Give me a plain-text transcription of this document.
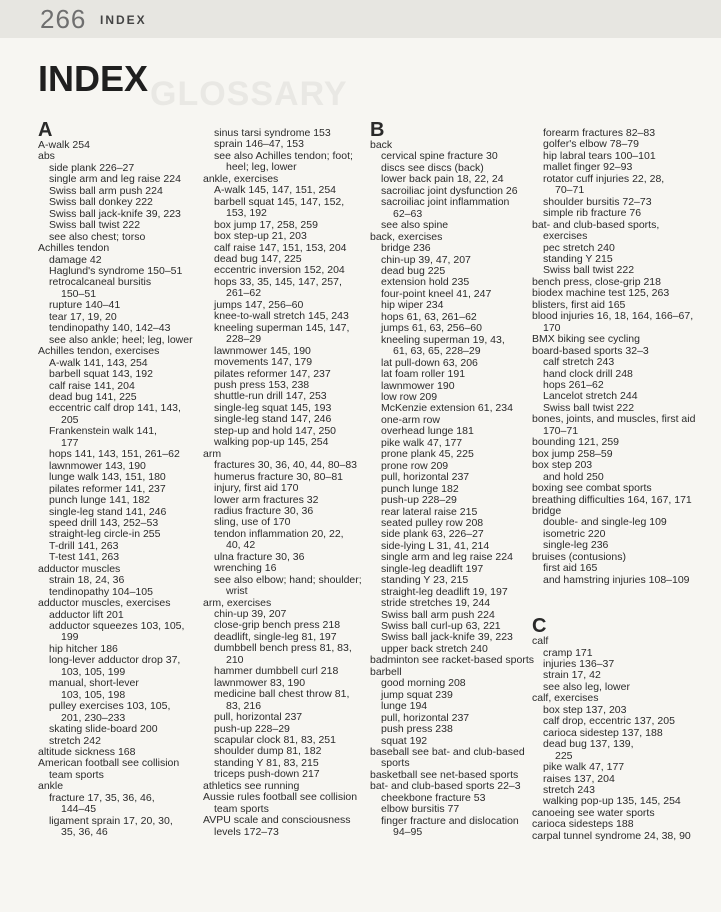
266 INDEX
GLOSSARY
INDEX

A

A-walk 254

abs

side plank 226–27

single arm and leg raise 224

Swiss ball arm push 224

Swiss ball donkey 222

Swiss ball jack-knife 39, 223

Swiss ball twist 222

see also chest; torso

Achilles tendon

damage 42

Haglund's syndrome 150–51

retrocalcaneal bursitis

150–51

rupture 140–41

tear 17, 19, 20

tendinopathy 140, 142–43

see also ankle; heel; leg, lower

Achilles tendon, exercises

A-walk 141, 143, 254

barbell squat 143, 192

calf raise 141, 204

dead bug 141, 225

eccentric calf drop 141, 143,

205

Frankenstein walk 141,

177

hops 141, 143, 151, 261–62

lawnmower 143, 190

lunge walk 143, 151, 180

pilates reformer 141, 237

punch lunge 141, 182

single-leg stand 141, 246

speed drill 143, 252–53

straight-leg circle-in 255

T-drill 141, 263

T-test 141, 263

adductor muscles

strain 18, 24, 36

tendinopathy 104–105

adductor muscles, exercises

adductor lift 201

adductor squeezes 103, 105,

199

hip hitcher 186

long-lever adductor drop 37,

103, 105, 199

manual, short-lever

103, 105, 198

pulley exercises 103, 105,

201, 230–233

skating slide-board 200

stretch 242

altitude sickness 168

American football see collision

team sports

ankle

fracture 17, 35, 36, 46,

144–45

ligament sprain 17, 20, 30,

35, 36, 46

sinus tarsi syndrome 153

sprain 146–47, 153

see also Achilles tendon; foot;

heel; leg, lower

ankle, exercises

A-walk 145, 147, 151, 254

barbell squat 145, 147, 152,

153, 192

box jump 17, 258, 259

box step-up 21, 203

calf raise 147, 151, 153, 204

dead bug 147, 225

eccentric inversion 152, 204

hops 33, 35, 145, 147, 257,

261–62

jumps 147, 256–60

knee-to-wall stretch 145, 243

kneeling superman 145, 147,

228–29

lawnmower 145, 190

movements 147, 179

pilates reformer 147, 237

push press 153, 238

shuttle-run drill 147, 253

single-leg squat 145, 193

single-leg stand 147, 246

step-up and hold 147, 250

walking pop-up 145, 254

arm

fractures 30, 36, 40, 44, 80–83

humerus fracture 30, 80–81

injury, first aid 170

lower arm fractures 32

radius fracture 30, 36

sling, use of 170

tendon inflammation 20, 22,

40, 42

ulna fracture 30, 36

wrenching 16

see also elbow; hand; shoulder;

wrist

arm, exercises

chin-up 39, 207

close-grip bench press 218

deadlift, single-leg 81, 197

dumbbell bench press 81, 83,

210

hammer dumbbell curl 218

lawnmower 83, 190

medicine ball chest throw 81,

83, 216

pull, horizontal 237

push-up 228–29

scapular clock 81, 83, 251

shoulder dump 81, 182

standing Y 81, 83, 215

triceps push-down 217

athletics see running

Aussie rules football see collision

team sports

AVPU scale and consciousness

levels 172–73

B

back

cervical spine fracture 30

discs see discs (back)

lower back pain 18, 22, 24

sacroiliac joint dysfunction 26

sacroiliac joint inflammation

62–63

see also spine

back, exercises

bridge 236

chin-up 39, 47, 207

dead bug 225

extension hold 235

four-point kneel 41, 247

hip wiper 234

hops 61, 63, 261–62

jumps 61, 63, 256–60

kneeling superman 19, 43,

61, 63, 65, 228–29

lat pull-down 63, 206

lat foam roller 191

lawnmower 190

low row 209

McKenzie extension 61, 234

one-arm row

overhead lunge 181

pike walk 47, 177

prone plank 45, 225

prone row 209

pull, horizontal 237

punch lunge 182

push-up 228–29

rear lateral raise 215

seated pulley row 208

side plank 63, 226–27

side-lying L 31, 41, 214

single arm and leg raise 224

single-leg deadlift 197

standing Y 23, 215

straight-leg deadlift 19, 197

stride stretches 19, 244

Swiss ball arm push 224

Swiss ball curl-up 63, 221

Swiss ball jack-knife 39, 223

upper back stretch 240

badminton see racket-based sports

barbell

good morning 208

jump squat 239

lunge 194

pull, horizontal 237

push press 238

squat 192

baseball see bat- and club-based

sports

basketball see net-based sports

bat- and club-based sports 22–3

cheekbone fracture 53

elbow bursitis 77

finger fracture and dislocation

94–95

forearm fractures 82–83

golfer's elbow 78–79

hip labral tears 100–101

mallet finger 92–93

rotator cuff injuries 22, 28,

70–71

shoulder bursitis 72–73

simple rib fracture 76

bat- and club-based sports,

exercises

pec stretch 240

standing Y 215

Swiss ball twist 222

bench press, close-grip 218

biodex machine test 125, 263

blisters, first aid 165

blood injuries 16, 18, 164, 166–67,

170

BMX biking see cycling

board-based sports 32–3

calf stretch 243

hand clock drill 248

hops 261–62

Lancelot stretch 244

Swiss ball twist 222

bones, joints, and muscles, first aid

170–71

bounding 121, 259

box jump 258–59

box step 203

and hold 250

boxing see combat sports

breathing difficulties 164, 167, 171

bridge

double- and single-leg 109

isometric 220

single-leg 236

bruises (contusions)

first aid 165

and hamstring injuries 108–109

C

calf

cramp 171

injuries 136–37

strain 17, 42

see also leg, lower

calf, exercises

box step 137, 203

calf drop, eccentric 137, 205

carioca sidestep 137, 188

dead bug 137, 139,

225

pike walk 47, 177

raises 137, 204

stretch 243

walking pop-up 135, 145, 254

canoeing see water sports

carioca sidesteps 188

carpal tunnel syndrome 24, 38, 90
